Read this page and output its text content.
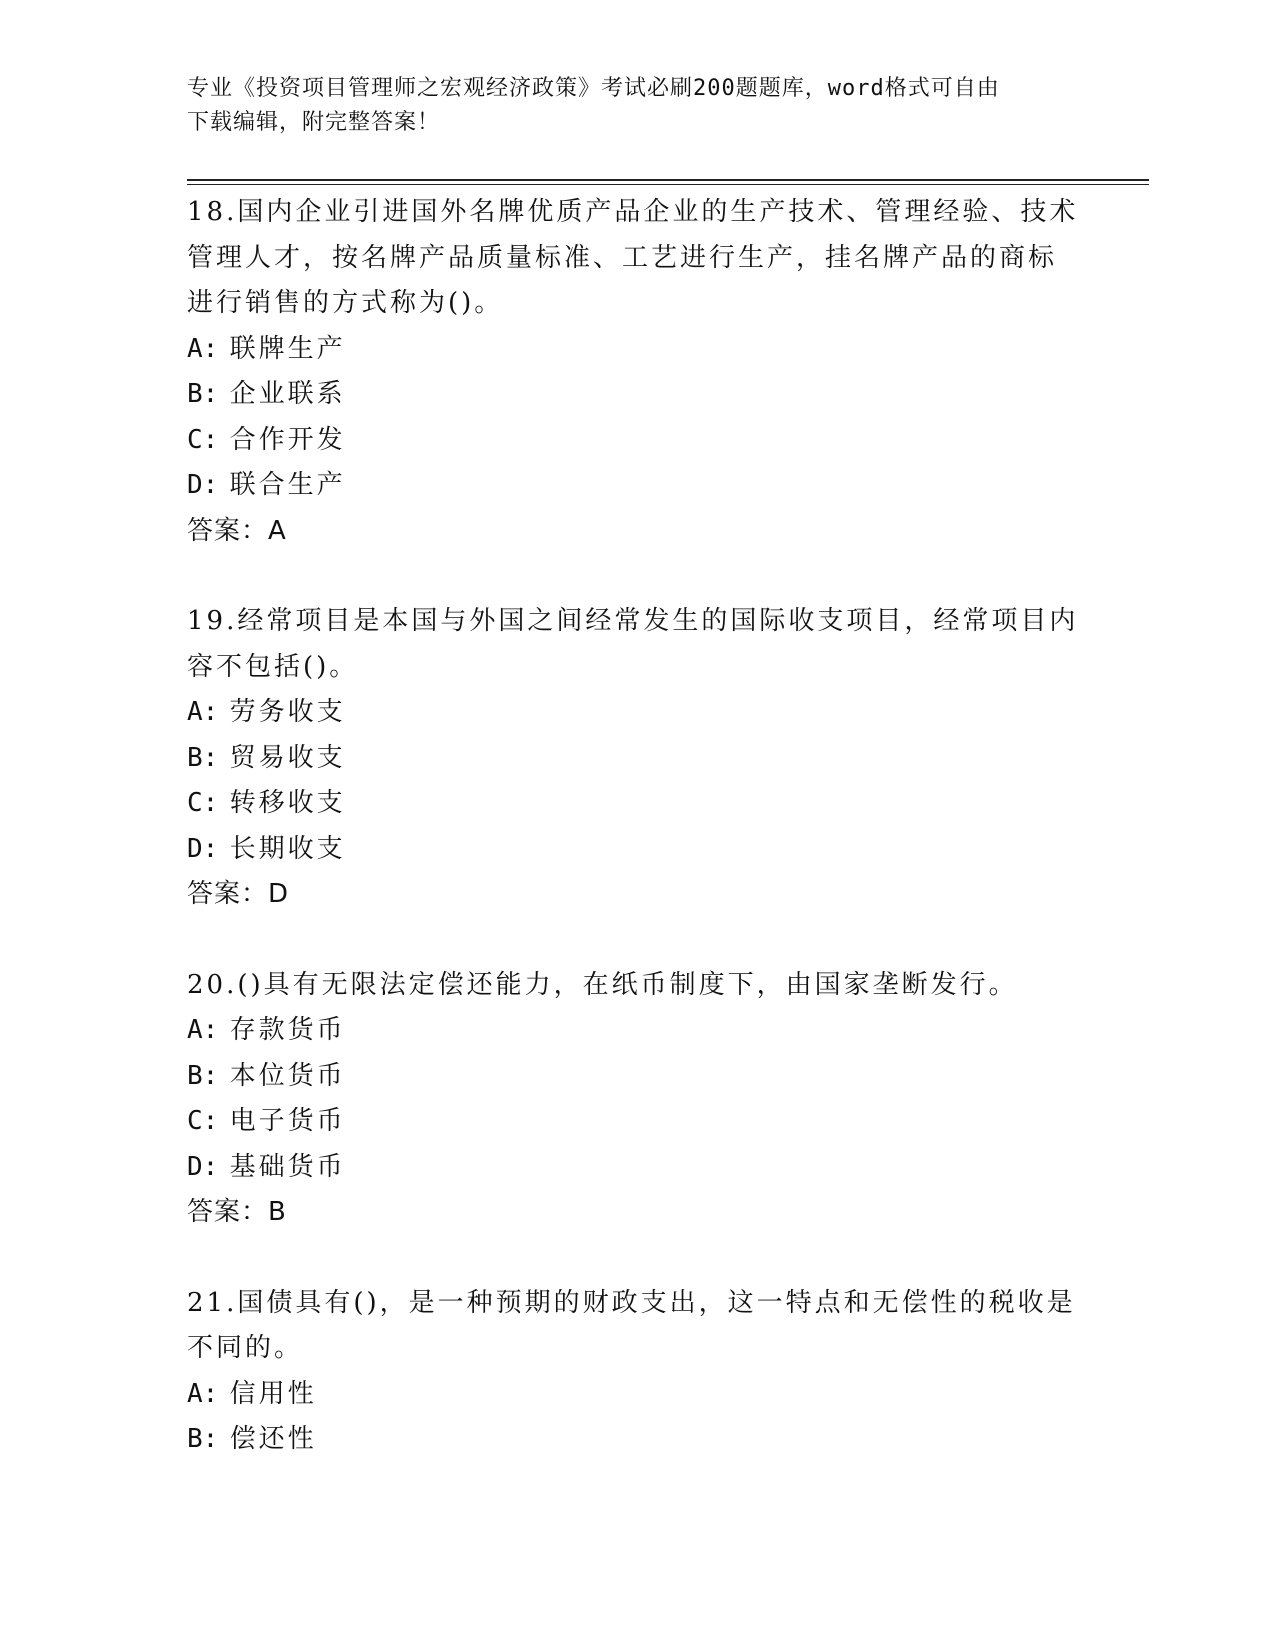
专业《投资项目管理师之宏观经济政策》考试必刷200题题库，word格式可自由
下载编辑，附完整答案！

18.国内企业引进国外名牌优质产品企业的生产技术、管理经验、技术

管理人才，按名牌产品质量标准、工艺进行生产，挂名牌产品的商标

进行销售的方式称为()。

A: 联牌生产

B: 企业联系

C: 合作开发

D: 联合生产

答案：A

19.经常项目是本国与外国之间经常发生的国际收支项目，经常项目内

容不包括()。

A: 劳务收支

B: 贸易收支

C: 转移收支

D: 长期收支

答案：D

20.()具有无限法定偿还能力，在纸币制度下，由国家垄断发行。

A: 存款货币

B: 本位货币

C: 电子货币

D: 基础货币

答案：B

21.国债具有()，是一种预期的财政支出，这一特点和无偿性的税收是

不同的。

A: 信用性

B: 偿还性
